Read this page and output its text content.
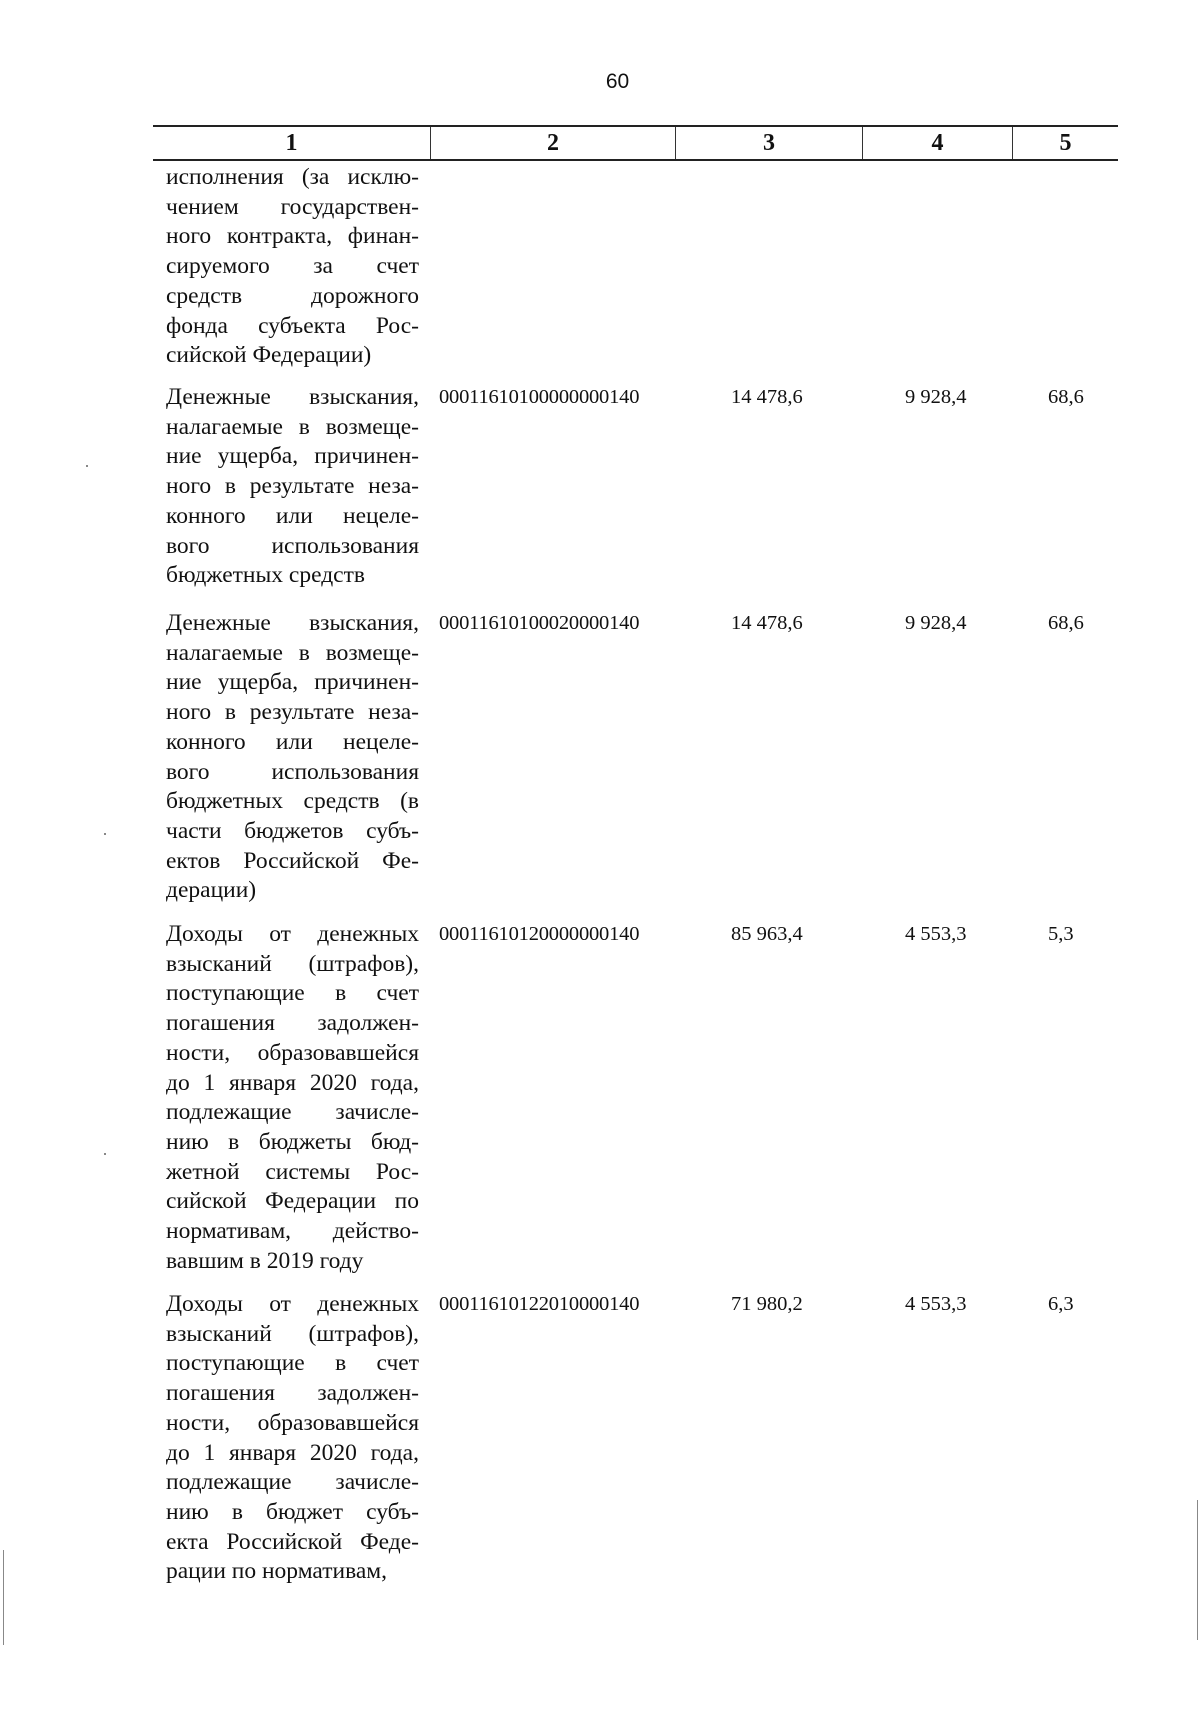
60
1	2	3	4	5
исполнения (за исклю-
чением государствен-
ного контракта, финан-
сируемого за счет
средств дорожного
фонда субъекта Рос-
сийской Федерации)
Денежные взыскания,
налагаемые в возмеще-
ние ущерба, причинен-
ного в результате неза-
конного или нецеле-
вого использования
бюджетных средств
00011610100000000140	14 478,6	9 928,4	68,6
Денежные взыскания,
налагаемые в возмеще-
ние ущерба, причинен-
ного в результате неза-
конного или нецеле-
вого использования
бюджетных средств (в
части бюджетов субъ-
ектов Российской Фе-
дерации)
00011610100020000140	14 478,6	9 928,4	68,6
Доходы от денежных
взысканий (штрафов),
поступающие в счет
погашения задолжен-
ности, образовавшейся
до 1 января 2020 года,
подлежащие зачисле-
нию в бюджеты бюд-
жетной системы Рос-
сийской Федерации по
нормативам, действо-
вавшим в 2019 году
00011610120000000140	85 963,4	4 553,3	5,3
Доходы от денежных
взысканий (штрафов),
поступающие в счет
погашения задолжен-
ности, образовавшейся
до 1 января 2020 года,
подлежащие зачисле-
нию в бюджет субъ-
екта Российской Феде-
рации по нормативам,
00011610122010000140	71 980,2	4 553,3	6,3
